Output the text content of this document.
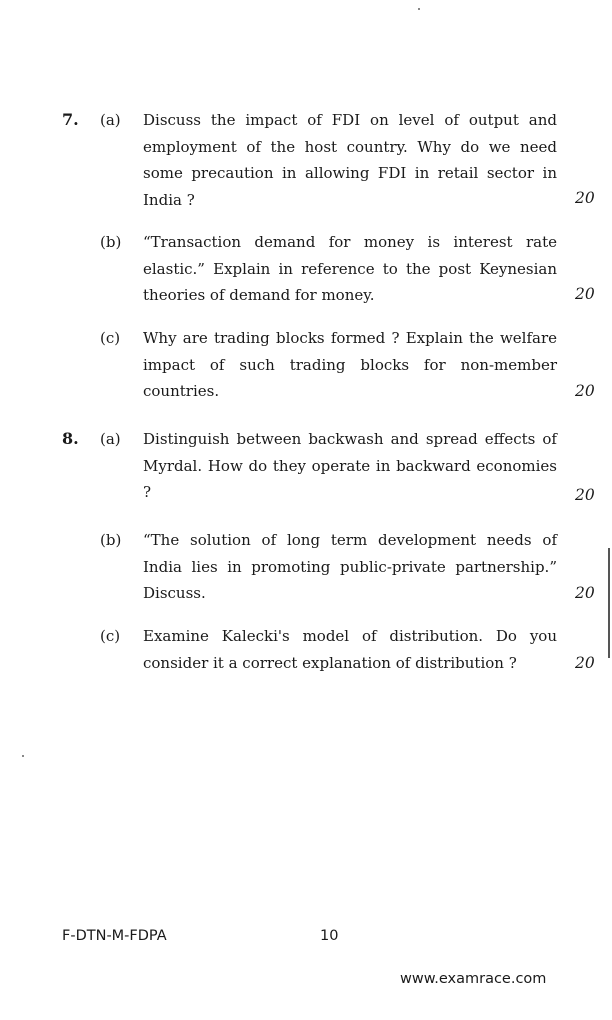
7. (a) Discuss the impact of FDI on level of output and employment of the host country. Why do we need some precaution in allowing FDI in retail sector in India ?	20
(b) “Transaction demand for money is interest rate elastic.” Explain in reference to the post Keynesian theories of demand for money.	20
(c) Why are trading blocks formed ? Explain the welfare impact of such trading blocks for non-member countries.	20
8. (a) Distinguish between backwash and spread effects of Myrdal. How do they operate in backward economies ?	20
(b) “The solution of long term development needs of India lies in promoting public-private partnership.” Discuss.	20
(c) Examine Kalecki's model of distribution. Do you consider it a correct explanation of distribution ?	20
F-DTN-M-FDPA	10
www.examrace.com
